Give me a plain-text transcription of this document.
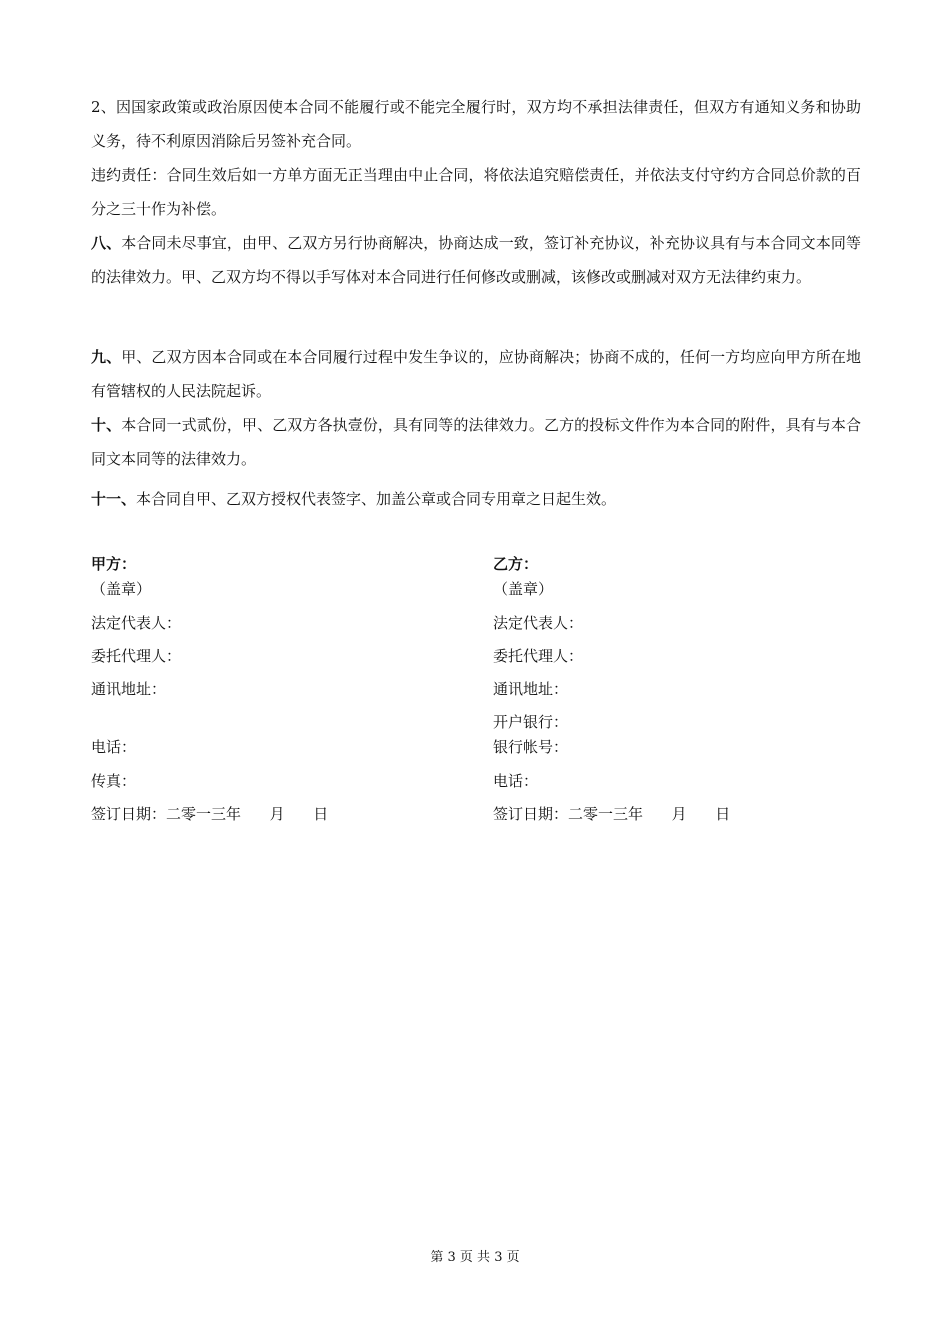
2、因国家政策或政治原因使本合同不能履行或不能完全履行时，双方均不承担法律责任，但双方有通知义务和协助义务，待不利原因消除后另签补充合同。

违约责任：合同生效后如一方单方面无正当理由中止合同，将依法追究赔偿责任，并依法支付守约方合同总价款的百分之三十作为补偿。

八、本合同未尽事宜，由甲、乙双方另行协商解决，协商达成一致，签订补充协议，补充协议具有与本合同文本同等的法律效力。甲、乙双方均不得以手写体对本合同进行任何修改或删减，该修改或删减对双方无法律约束力。

九、甲、乙双方因本合同或在本合同履行过程中发生争议的，应协商解决；协商不成的，任何一方均应向甲方所在地有管辖权的人民法院起诉。

十、本合同一式贰份，甲、乙双方各执壹份，具有同等的法律效力。乙方的投标文件作为本合同的附件，具有与本合同文本同等的法律效力。

十一、本合同自甲、乙双方授权代表签字、加盖公章或合同专用章之日起生效。

甲方：
（盖章）
法定代表人：
委托代理人：
通讯地址：
电话：
传真：
签订日期：二零一三年      月      日
乙方：
（盖章）
法定代表人：
委托代理人：
通讯地址：
开户银行：
银行帐号：
电话：
签订日期：二零一三年      月      日
第 3 页 共 3 页
